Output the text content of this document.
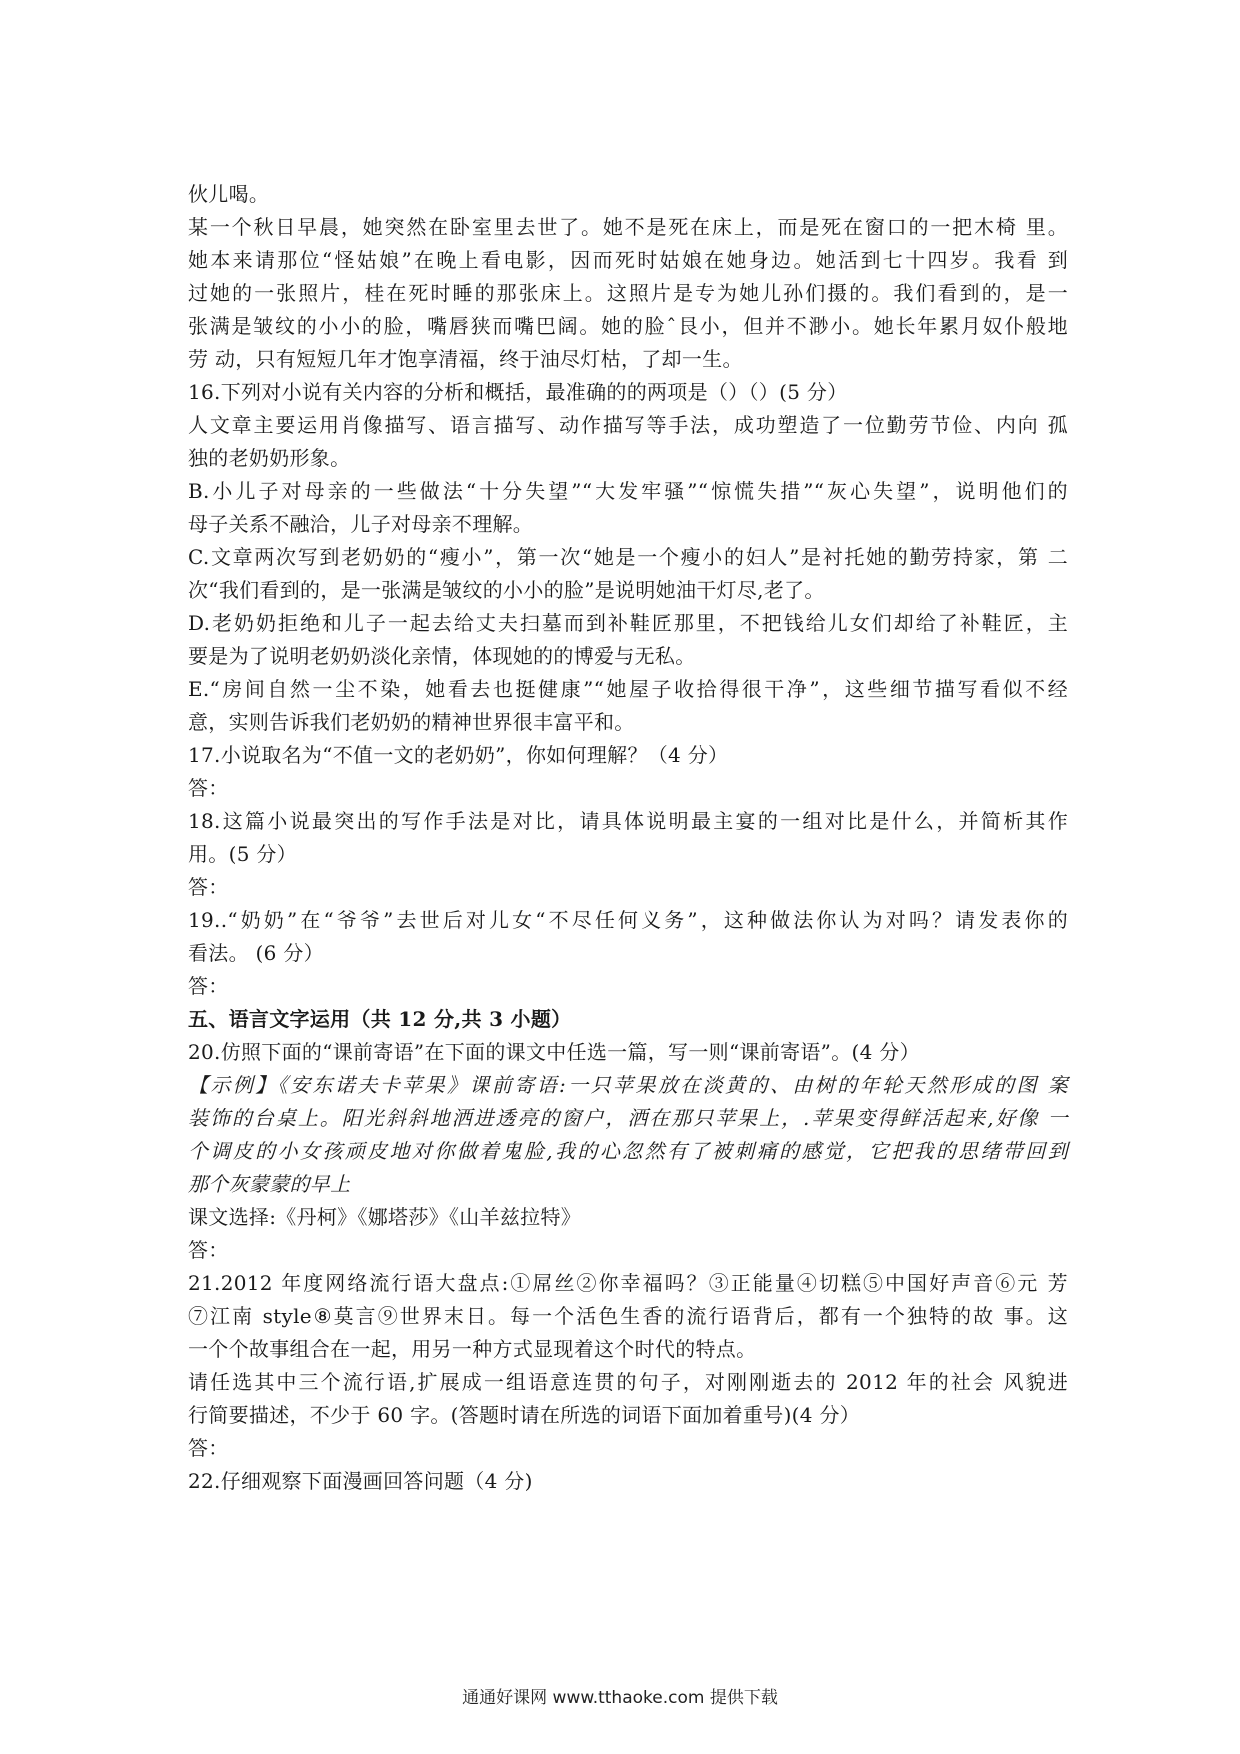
伙儿喝。
某一个秋日早晨，她突然在卧室里去世了。她不是死在床上，而是死在窗口的一把木椅 里。
她本来请那位“怪姑娘”在晚上看电影，因而死时姑娘在她身边。她活到七十四岁。我看 到
过她的一张照片，桂在死时睡的那张床上。这照片是专为她儿孙们摄的。我们看到的，是一
张满是皱纹的小小的脸，嘴唇狭而嘴巴阔。她的脸ˆ艮小，但并不渺小。她长年累月奴仆般地
劳 动，只有短短几年才饱享清福，终于油尽灯枯，了却一生。
16.下列对小说有关内容的分析和概括，最准确的的两项是（）（）(5 分）
人文章主要运用肖像描写、语言描写、动作描写等手法，成功塑造了一位勤劳节俭、内向 孤
独的老奶奶形象。
B.小儿子对母亲的一些做法“十分失望”“大发牢骚”“惊慌失措”“灰心失望”，说明他们的
母子关系不融洽，儿子对母亲不理解。
C.文章两次写到老奶奶的“瘦小”，第一次“她是一个瘦小的妇人”是衬托她的勤劳持家，第 二
次“我们看到的，是一张满是皱纹的小小的脸”是说明她油干灯尽,老了。
D.老奶奶拒绝和儿子一起去给丈夫扫墓而到补鞋匠那里，不把钱给儿女们却给了补鞋匠，主
要是为了说明老奶奶淡化亲情，体现她的的博爱与无私。
E.“房间自然一尘不染，她看去也挺健康”“她屋子收拾得很干净”，这些细节描写看似不经
意，实则告诉我们老奶奶的精神世界很丰富平和。
17.小说取名为“不值一文的老奶奶”，你如何理解？（4 分）
答：
18.这篇小说最突出的写作手法是对比，请具体说明最主宴的一组对比是什么，并简析其作
用。(5 分）
答：
19..“奶奶”在“爷爷”去世后对儿女“不尽任何义务”，这种做法你认为对吗？请发表你的
看法。 (6 分）
答：
五、语言文字运用（共 12 分,共 3 小题）
20.仿照下面的“课前寄语”在下面的课文中任选一篇，写一则“课前寄语”。(4 分）
【示例】《安东诺夫卡苹果》课前寄语:一只苹果放在淡黄的、由树的年轮天然形成的图 案
装饰的台桌上。阳光斜斜地洒进透亮的窗户，洒在那只苹果上，.苹果变得鲜活起来,好像 一
个调皮的小女孩顽皮地对你做着鬼脸,我的心忽然有了被刺痛的感觉，它把我的思绪带回到
那个灰蒙蒙的早上
课文选择:《丹柯》《娜塔莎》《山羊兹拉特》
答：
21.2012 年度网络流行语大盘点:①屌丝②你幸福吗？③正能量④切糕⑤中国好声音⑥元 芳
⑦江南 style⑧莫言⑨世界末日。每一个活色生香的流行语背后，都有一个独特的故 事。这
一个个故事组合在一起，用另一种方式显现着这个时代的特点。
请任选其中三个流行语,扩展成一组语意连贯的句子，对刚刚逝去的 2012 年的社会 风貌进
行简要描述，不少于 60 字。(答题时请在所选的词语下面加着重号)(4 分）
答：
22.仔细观察下面漫画回答问题（4 分)
通通好课网 www.tthaoke.com 提供下载
